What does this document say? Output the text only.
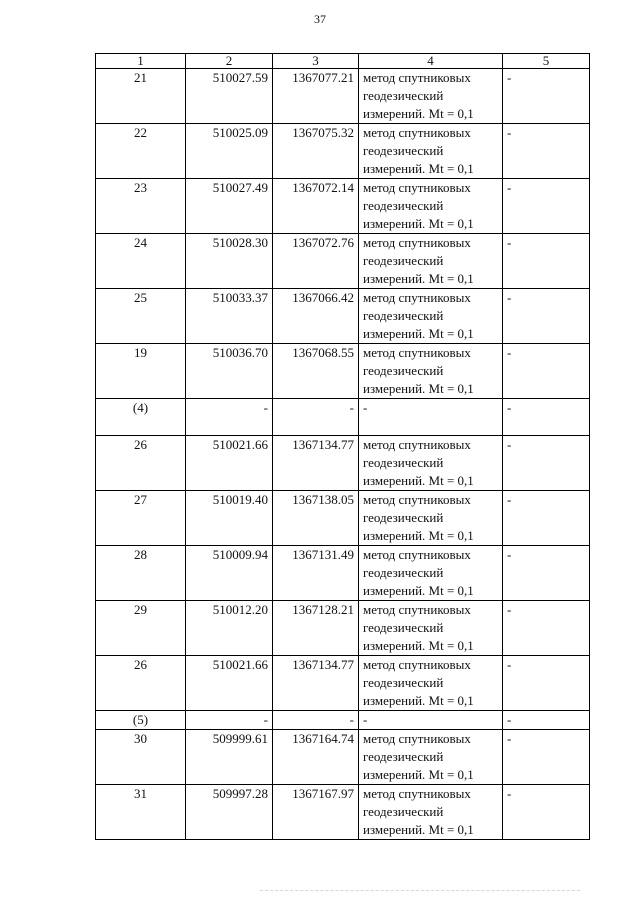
37
1	2	3	4	5
21	510027.59	1367077.21	метод спутниковых
геодезический
измерений. Mt = 0,1	-
22	510025.09	1367075.32	метод спутниковых
геодезический
измерений. Mt = 0,1	-
23	510027.49	1367072.14	метод спутниковых
геодезический
измерений. Mt = 0,1	-
24	510028.30	1367072.76	метод спутниковых
геодезический
измерений. Mt = 0,1	-
25	510033.37	1367066.42	метод спутниковых
геодезический
измерений. Mt = 0,1	-
19	510036.70	1367068.55	метод спутниковых
геодезический
измерений. Mt = 0,1	-
(4)	-	-	-	-
26	510021.66	1367134.77	метод спутниковых
геодезический
измерений. Mt = 0,1	-
27	510019.40	1367138.05	метод спутниковых
геодезический
измерений. Mt = 0,1	-
28	510009.94	1367131.49	метод спутниковых
геодезический
измерений. Mt = 0,1	-
29	510012.20	1367128.21	метод спутниковых
геодезический
измерений. Mt = 0,1	-
26	510021.66	1367134.77	метод спутниковых
геодезический
измерений. Mt = 0,1	-
(5)	-	-	-	-
30	509999.61	1367164.74	метод спутниковых
геодезический
измерений. Mt = 0,1	-
31	509997.28	1367167.97	метод спутниковых
геодезический
измерений. Mt = 0,1	-
